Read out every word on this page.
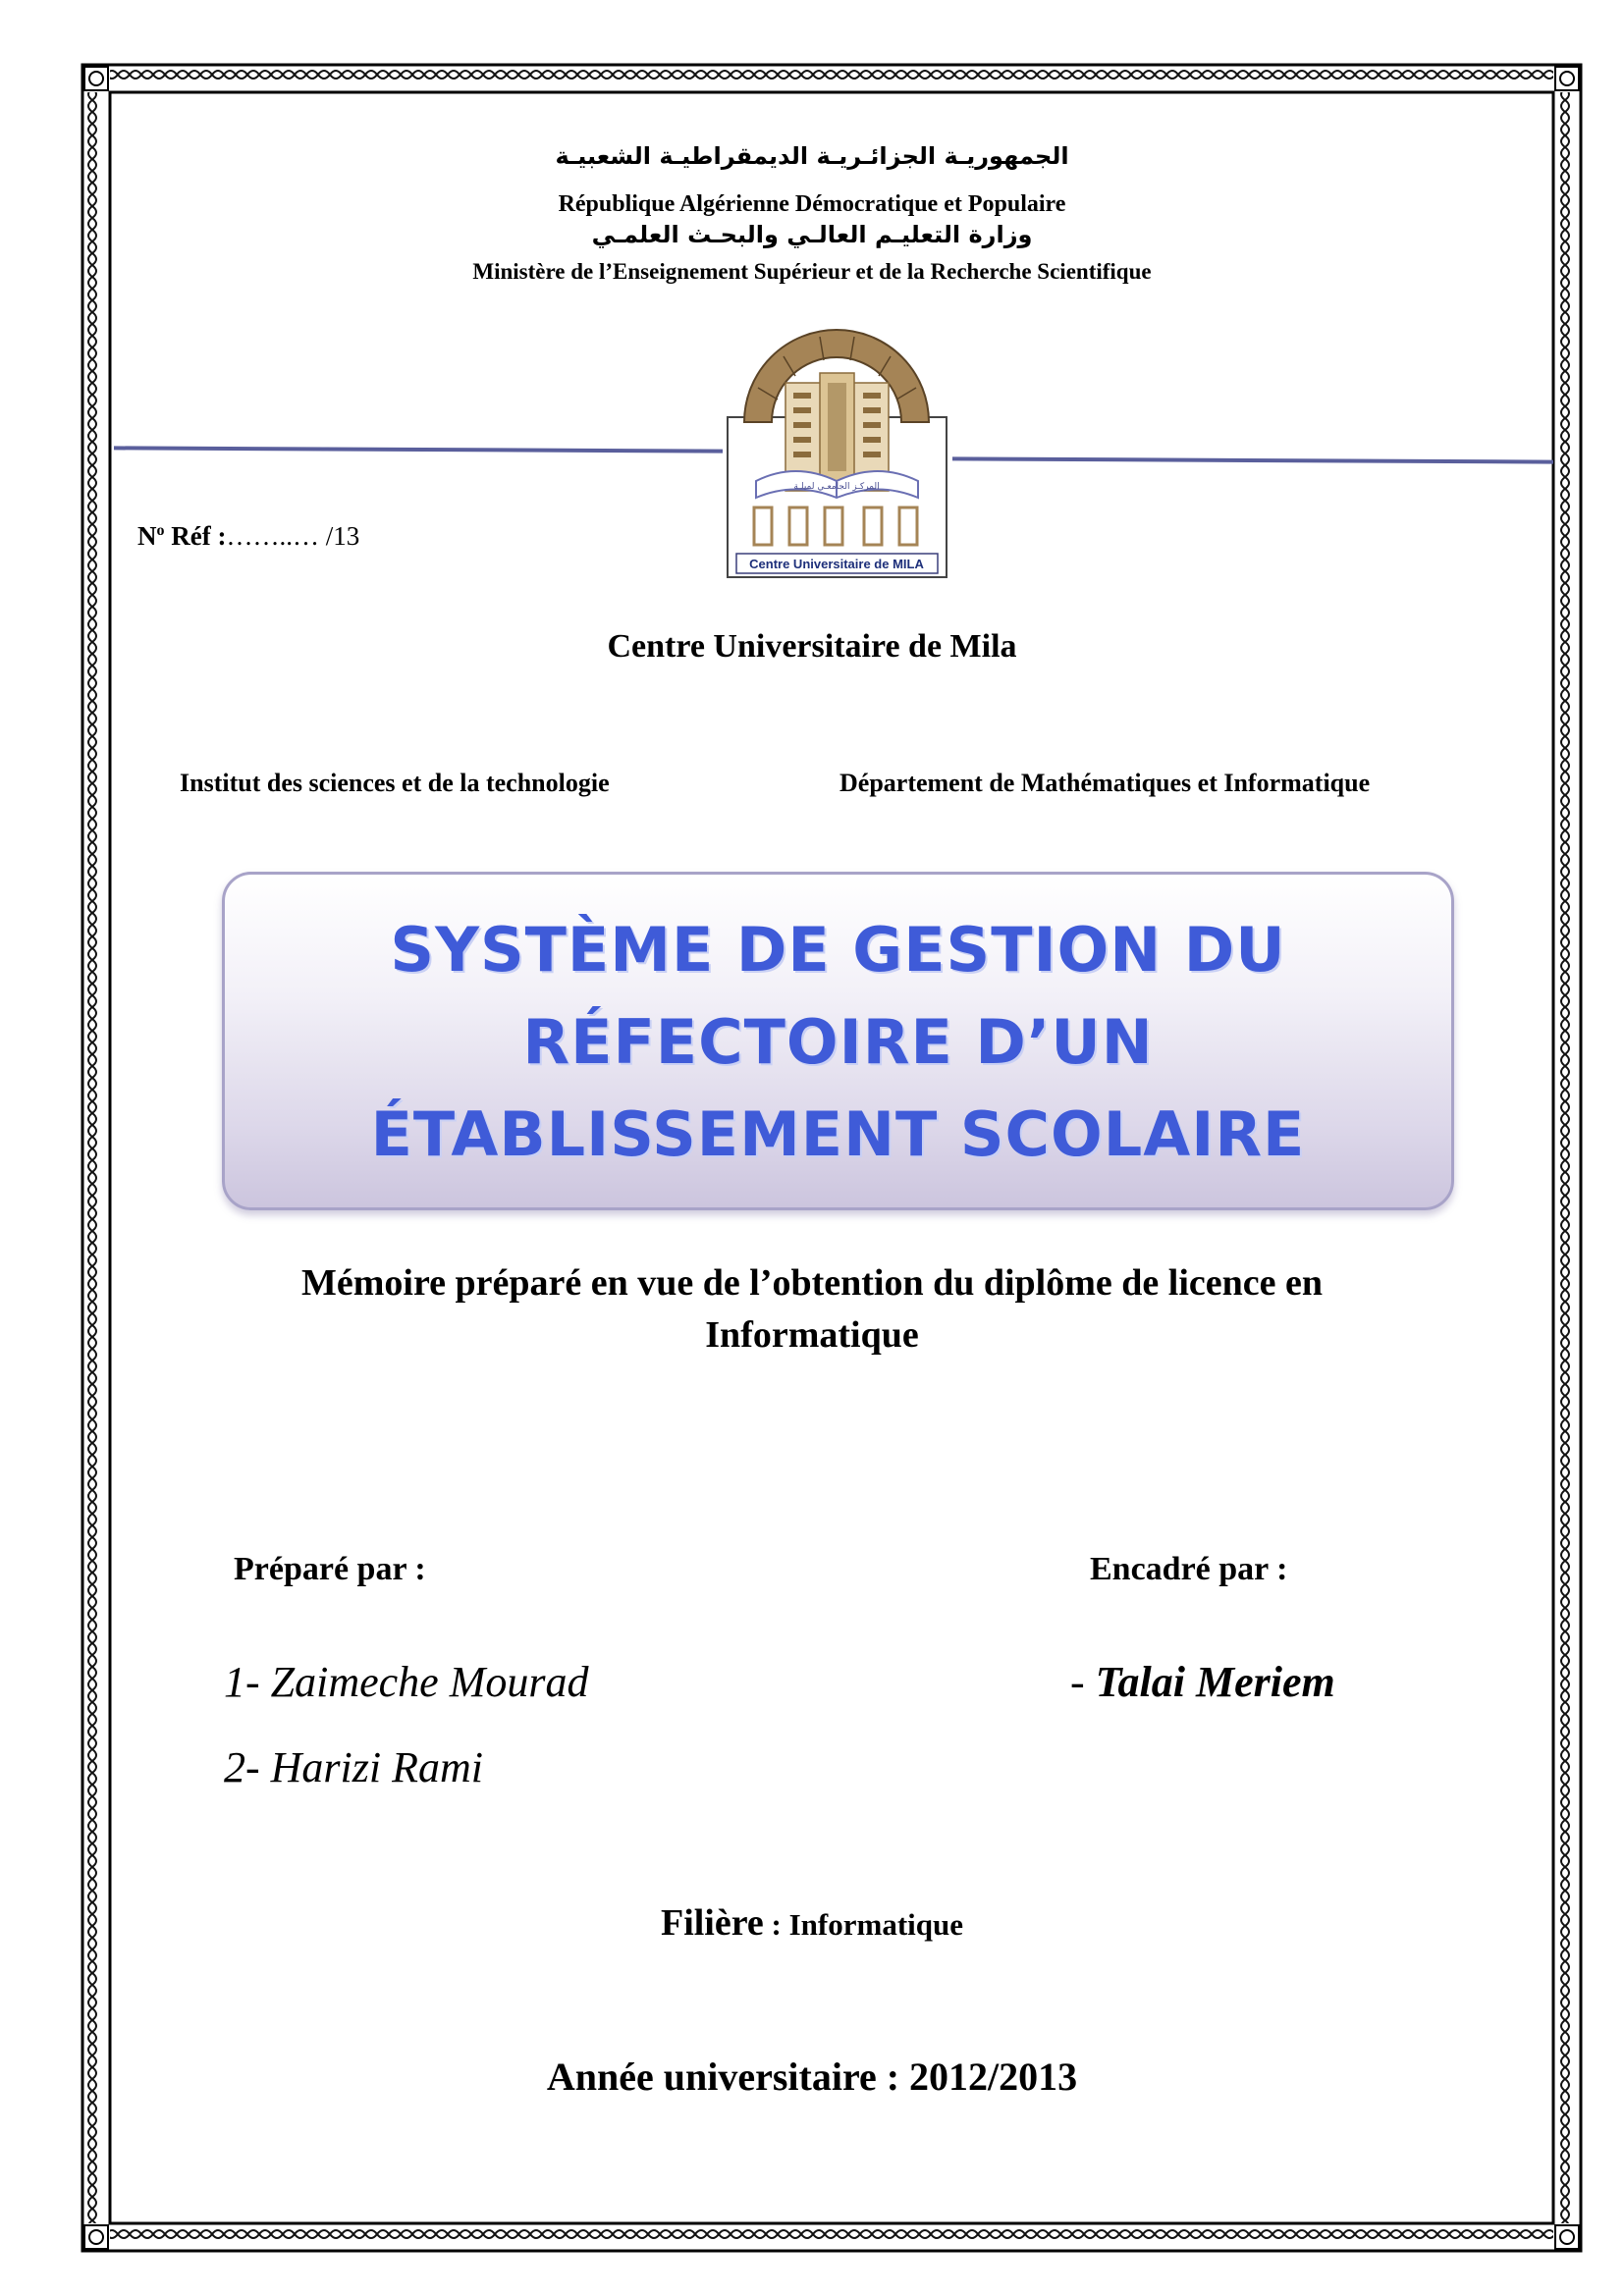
الجمهوريـة الجزائـريـة الديمقراطيـة الشعبيـة

République Algérienne Démocratique et Populaire

وزارة التعليـم العالـي والبحـث العلمـي

Ministère de l’Enseignement Supérieur et de la Recherche Scientifique

المركـز الجامعـي لميلـة
Centre Universitaire de MILA

$N^o$ Réf :……..… /13

Centre Universitaire de Mila

Institut des sciences et de la technologie	Département de Mathématiques et Informatique

SYSTÈME DE GESTION DU

RÉFECTOIRE D’UN

ÉTABLISSEMENT SCOLAIRE

Mémoire préparé en vue de l’obtention du diplôme de licence en

Informatique

Préparé par :	Encadré par :

1- Zaimeche Mourad

2- Harizi Rami

- Talai Meriem

Filière : Informatique

Année universitaire : 2012/2013
